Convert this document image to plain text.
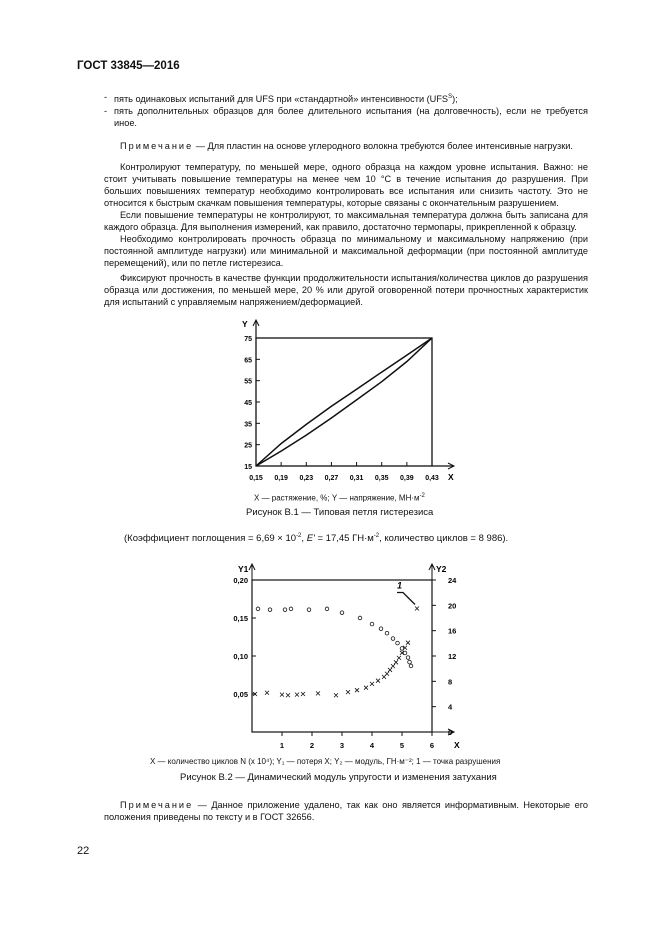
ГОСТ 33845—2016

- пять одинаковых испытаний для UFS при «стандартной» интенсивности $(UFS^S)$;

- пять дополнительных образцов для более длительного испытания (на долговечность), если не требуется иное.

Примечание — Для пластин на основе углеродного волокна требуются более интенсивные нагрузки.

Контролируют температуру, по меньшей мере, одного образца на каждом уровне испытания. Важно: не стоит учитывать повышение температуры на менее чем 10 °С в течение испытания до разрушения. При больших повышениях температур необходимо контролировать все испытания или снизить частоту. Это не относится к быстрым скачкам повышения температуры, которые связаны с окончательным разрушением.

Если повышение температуры не контролируют, то максимальная температура должна быть записана для каждого образца. Для выполнения измерений, как правило, достаточно термопары, прикрепленной к образцу.

Необходимо контролировать прочность образца по минимальному и максимальному напряжению (при постоянной амплитуде нагрузки) или минимальной и максимальной деформации (при постоянной амплитуде перемещений), или по петле гистерезиса.

Фиксируют прочность в качестве функции продолжительности испытания/количества циклов до разрушения образца или достижения, по меньшей мере, 20 % или другой оговоренной потери прочностных характеристик для испытаний с управляемым напряжением/деформацией.

Y
X
15
25
35
45
55
65
75
0,15 0,19 0,23 0,27 0,31 0,35 0,39 0,43
X — растяжение, %; Y — напряжение, $МН\cdot м^{-2}$
Рисунок В.1 — Типовая петля гистерезиса
(Коэффициент поглощения = $6,69 \times 10^{-2}$, E' = 17,45 $ГН\cdot м^{-2}$, количество циклов = 8 986).
Y1	Y2
X
0,05
0,10
0,15
0,20
0
4
8
12
16
20
24
1	2	3	4	5	6
1
X — количество циклов N (x 10⁴); Y₁ — потеря X; Y₂ — модуль, ГН·м⁻²; 1 — точка разрушения
Рисунок В.2 — Динамический модуль упругости и изменения затухания

Примечание — Данное приложение удалено, так как оно является информативным. Некоторые его положения приведены по тексту и в ГОСТ 32656.

22
